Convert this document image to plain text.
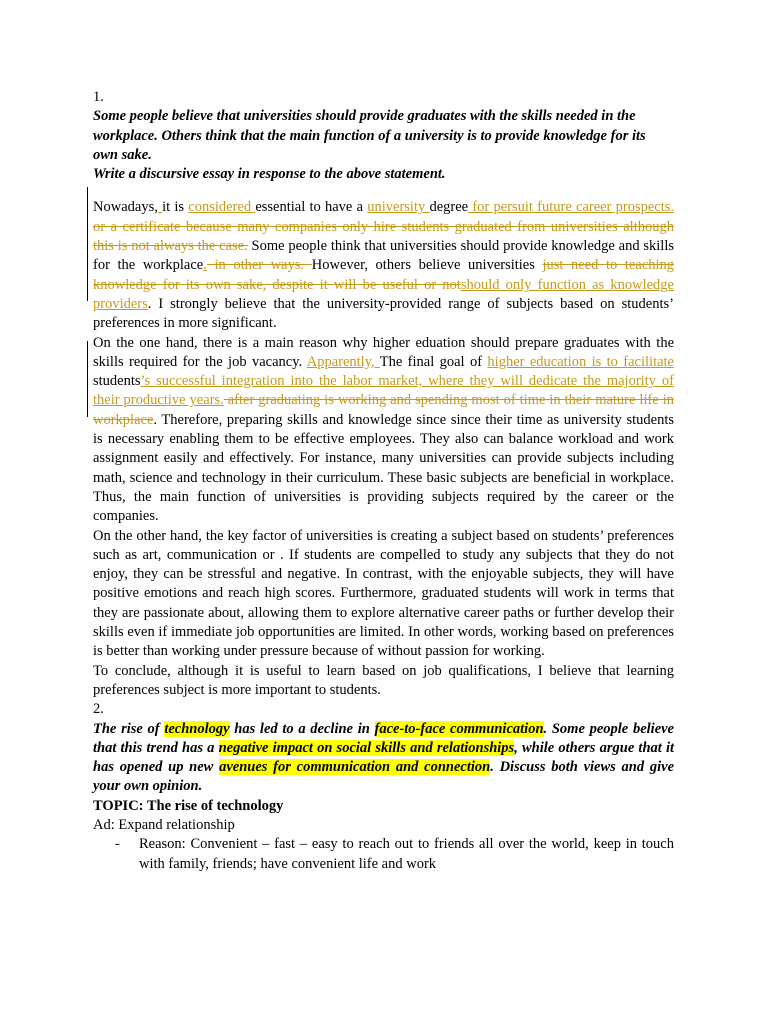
1.

Some people believe that universities should provide graduates with the skills needed in the workplace. Others think that the main function of a university is to provide knowledge for its own sake.

Write a discursive essay in response to the above statement.

Nowadays, it is considered essential to have a university degree for persuit future career prospects. or a certificate because many companies only hire students graduated from universities although this is not always the case. Some people think that universities should provide knowledge and skills for the workplace. in other ways. However, others believe universities just need to teaching knowledge for its own sake, despite it will be useful or notshould only function as knowledge providers. I strongly believe that the university-provided range of subjects based on students’ preferences in more significant.

On the one hand, there is a main reason why higher eduation should prepare graduates with the skills required for the job vacancy. Apparently, The final goal of higher education is to facilitate students’s successful integration into the labor market, where they will dedicate the majority of their productive years. after graduating is working and spending most of time in their mature life in workplace. Therefore, preparing skills and knowledge since since their time as university students is necessary enabling them to be effective employees. They also can balance workload and work assignment easily and effectively. For instance, many universities can provide subjects including math, science and technology in their curriculum. These basic subjects are beneficial in workplace. Thus, the main function of universities is providing subjects required by the career or the companies.

On the other hand, the key factor of universities is creating a subject based on students’ preferences such as art, communication or . If students are compelled to study any subjects that they do not enjoy, they can be stressful and negative. In contrast, with the enjoyable subjects, they will have positive emotions and reach high scores. Furthermore, graduated students will work in terms that they are passionate about, allowing them to explore alternative career paths or further develop their skills even if immediate job opportunities are limited. In other words, working based on preferences is better than working under pressure because of without passion for working.

To conclude, although it is useful to learn based on job qualifications, I believe that learning preferences subject is more important to students.

2.

The rise of technology has led to a decline in face-to-face communication. Some people believe that this trend has a negative impact on social skills and relationships, while others argue that it has opened up new avenues for communication and connection. Discuss both views and give your own opinion.

TOPIC: The rise of technology

Ad: Expand relationship

-	Reason: Convenient – fast – easy to reach out to friends all over the world, keep in touch with family, friends; have convenient life and work
